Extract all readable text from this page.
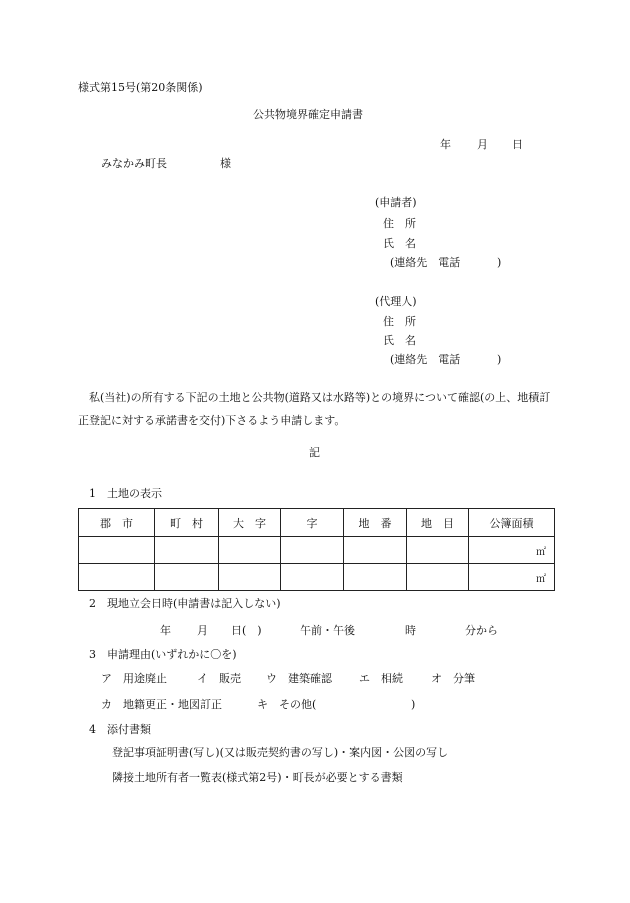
様式第15号(第20条関係)
公共物境界確定申請書
年 月 日
みなかみ町長	様
(申請者)
住　所
氏　名
(連絡先　電話	)
(代理人)
住　所
氏　名
(連絡先　電話	)
私(当社)の所有する下記の土地と公共物(道路又は水路等)との境界について確認(の上、地積訂正登記に対する承諾書を交付)下さるよう申請します。
記
1　土地の表示
郡　市	町　村	大　字	字	地　番	地　目	公簿面積
						㎡
						㎡
2　現地立会日時(申請書は記入しない)
年 月 日(　)	午前・午後	時	分から
3　申請理由(いずれかに〇を)
ア　用途廃止	イ　販売 ウ　建築確認 エ　相続	オ　分筆
カ　地籍更正・地図訂正	キ　その他(	)
4　添付書類
登記事項証明書(写し)(又は販売契約書の写し)・案内図・公図の写し
隣接土地所有者一覧表(様式第2号)・町長が必要とする書類
